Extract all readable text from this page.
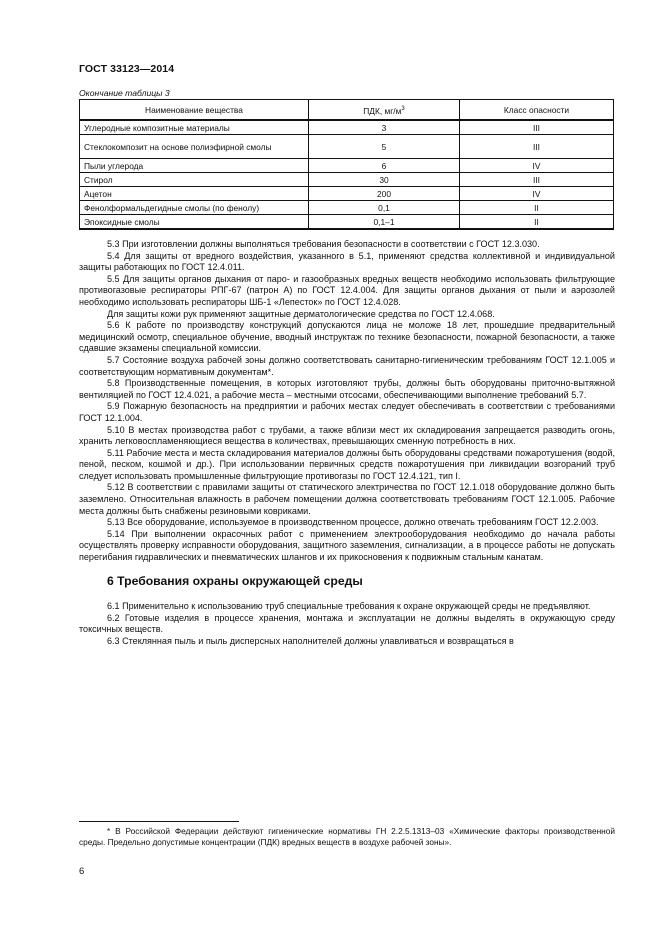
ГОСТ 33123—2014
Окончание таблицы 3
Наименование вещества	ПДК, $мг/м^3$	Класс опасности
Углеродные композитные материалы	3	III
Стеклокомпозит на основе полиэфирной смолы	5	III
Пыли углерода	6	IV
Стирол	30	III
Ацетон	200	IV
Фенолформальдегидные смолы (по фенолу)	0,1	II
Эпоксидные смолы	0,1–1	II

5.3 При изготовлении должны выполняться требования безопасности в соответствии с ГОСТ 12.3.030.

5.4 Для защиты от вредного воздействия, указанного в 5.1, применяют средства коллективной и индивидуальной защиты работающих по ГОСТ 12.4.011.

5.5 Для защиты органов дыхания от паро- и газообразных вредных веществ необходимо использовать фильтрующие противогазовые респираторы РПГ-67 (патрон А) по ГОСТ 12.4.004. Для защиты органов дыхания от пыли и аэрозолей необходимо использовать респираторы ШБ-1 «Лепесток» по ГОСТ 12.4.028.

Для защиты кожи рук применяют защитные дерматологические средства по ГОСТ 12.4.068.

5.6 К работе по производству конструкций допускаются лица не моложе 18 лет, прошедшие предварительный медицинский осмотр, специальное обучение, вводный инструктаж по технике безопасности, пожарной безопасности, а также сдавшие экзамены специальной комиссии.

5.7 Состояние воздуха рабочей зоны должно соответствовать санитарно-гигиеническим требованиям ГОСТ 12.1.005 и соответствующим нормативным документам*.

5.8 Производственные помещения, в которых изготовляют трубы, должны быть оборудованы приточно-вытяжной вентиляцией по ГОСТ 12.4.021, а рабочие места – местными отсосами, обеспечивающими выполнение требований 5.7.

5.9 Пожарную безопасность на предприятии и рабочих местах следует обеспечивать в соответствии с требованиями ГОСТ 12.1.004.

5.10 В местах производства работ с трубами, а также вблизи мест их складирования запрещается разводить огонь, хранить легковоспламеняющиеся вещества в количествах, превышающих сменную потребность в них.

5.11 Рабочие места и места складирования материалов должны быть оборудованы средствами пожаротушения (водой, пеной, песком, кошмой и др.). При использовании первичных средств пожаротушения при ликвидации возгораний труб следует использовать промышленные фильтрующие противогазы по ГОСТ 12.4.121, тип I.

5.12 В соответствии с правилами защиты от статического электричества по ГОСТ 12.1.018 оборудование должно быть заземлено. Относительная влажность в рабочем помещении должна соответствовать требованиям ГОСТ 12.1.005. Рабочие места должны быть снабжены резиновыми ковриками.

5.13 Все оборудование, используемое в производственном процессе, должно отвечать требованиям ГОСТ 12.2.003.

5.14 При выполнении окрасочных работ с применением электрооборудования необходимо до начала работы осуществлять проверку исправности оборудования, защитного заземления, сигнализации, а в процессе работы не допускать перегибания гидравлических и пневматических шлангов и их прикосновения к подвижным стальным канатам.

6 Требования охраны окружающей среды

6.1 Применительно к использованию труб специальные требования к охране окружающей среды не предъявляют.

6.2 Готовые изделия в процессе хранения, монтажа и эксплуатации не должны выделять в окружающую среду токсичных веществ.

6.3 Стеклянная пыль и пыль дисперсных наполнителей должны улавливаться и возвращаться в

* В Российской Федерации действуют гигиенические нормативы ГН 2.2.5.1313–03 «Химические факторы производственной среды. Предельно допустимые концентрации (ПДК) вредных веществ в воздухе рабочей зоны».

6
